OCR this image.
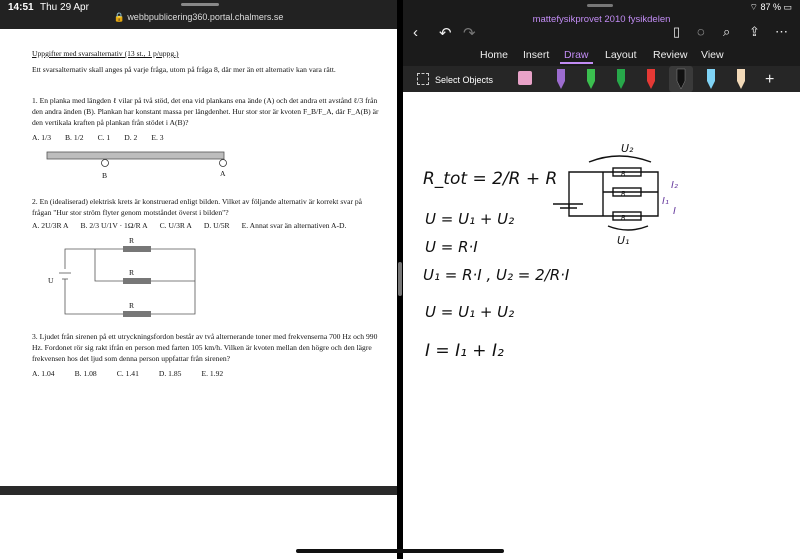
14:51 Thu 29 Apr
🔒 webbpublicering360.portal.chalmers.se

Uppgifter med svarsalternativ (13 st., 1 p/uppg.)

Ett svarsalternativ skall anges på varje fråga, utom på fråga 8, där mer än ett alternativ kan vara rätt.

1. En planka med längden ℓ vilar på två stöd, det ena vid plankans ena ände (A) och det andra ett avstånd ℓ/3 från den andra änden (B). Plankan har konstant massa per längdenhet. Hur stor stor är kvoten F_B/F_A, där F_A(B) är den vertikala kraften på plankan från stödet i A(B)?

A. 1/3 B. 1/2 C. 1 D. 2 E. 3
B	A

2. En (idealiserad) elektrisk krets är konstruerad enligt bilden. Vilket av följande alternativ är korrekt svar på frågan "Hur stor ström flyter genom motståndet överst i bilden"?

A. 2U/3R A B. 2/3 U/1V · 1Ω/R A C. U/3R A D. U/5R E. Annat svar än alternativen A-D.
U
R
R
R

3. Ljudet från sirenen på ett utryckningsfordon består av två alternerande toner med frekvenserna 700 Hz och 990 Hz. Fordonet rör sig rakt ifrån en person med farten 105 km/h. Vilken är kvoten mellan den högre och den lägre frekvensen hos det ljud som denna person uppfattar från sirenen?

A. 1.04	B. 1.08	C. 1.41	D. 1.85	E. 1.92
⌔ 87 % ▭
mattefysikprovet 2010 fysikdelen
‹ ↶ ↷	▯ ◌ ⌕ ⇪ ⋯
Home Insert Draw Layout Review View
Select Objects	+
R_tot = 2/R + R
U = U₁ + U₂
U = R·I
U₁ = R·I , U₂ = 2/R·I
U = U₁ + U₂
I = I₁ + I₂
U₂
U₁
R
R
R
I₂
I₁
I
